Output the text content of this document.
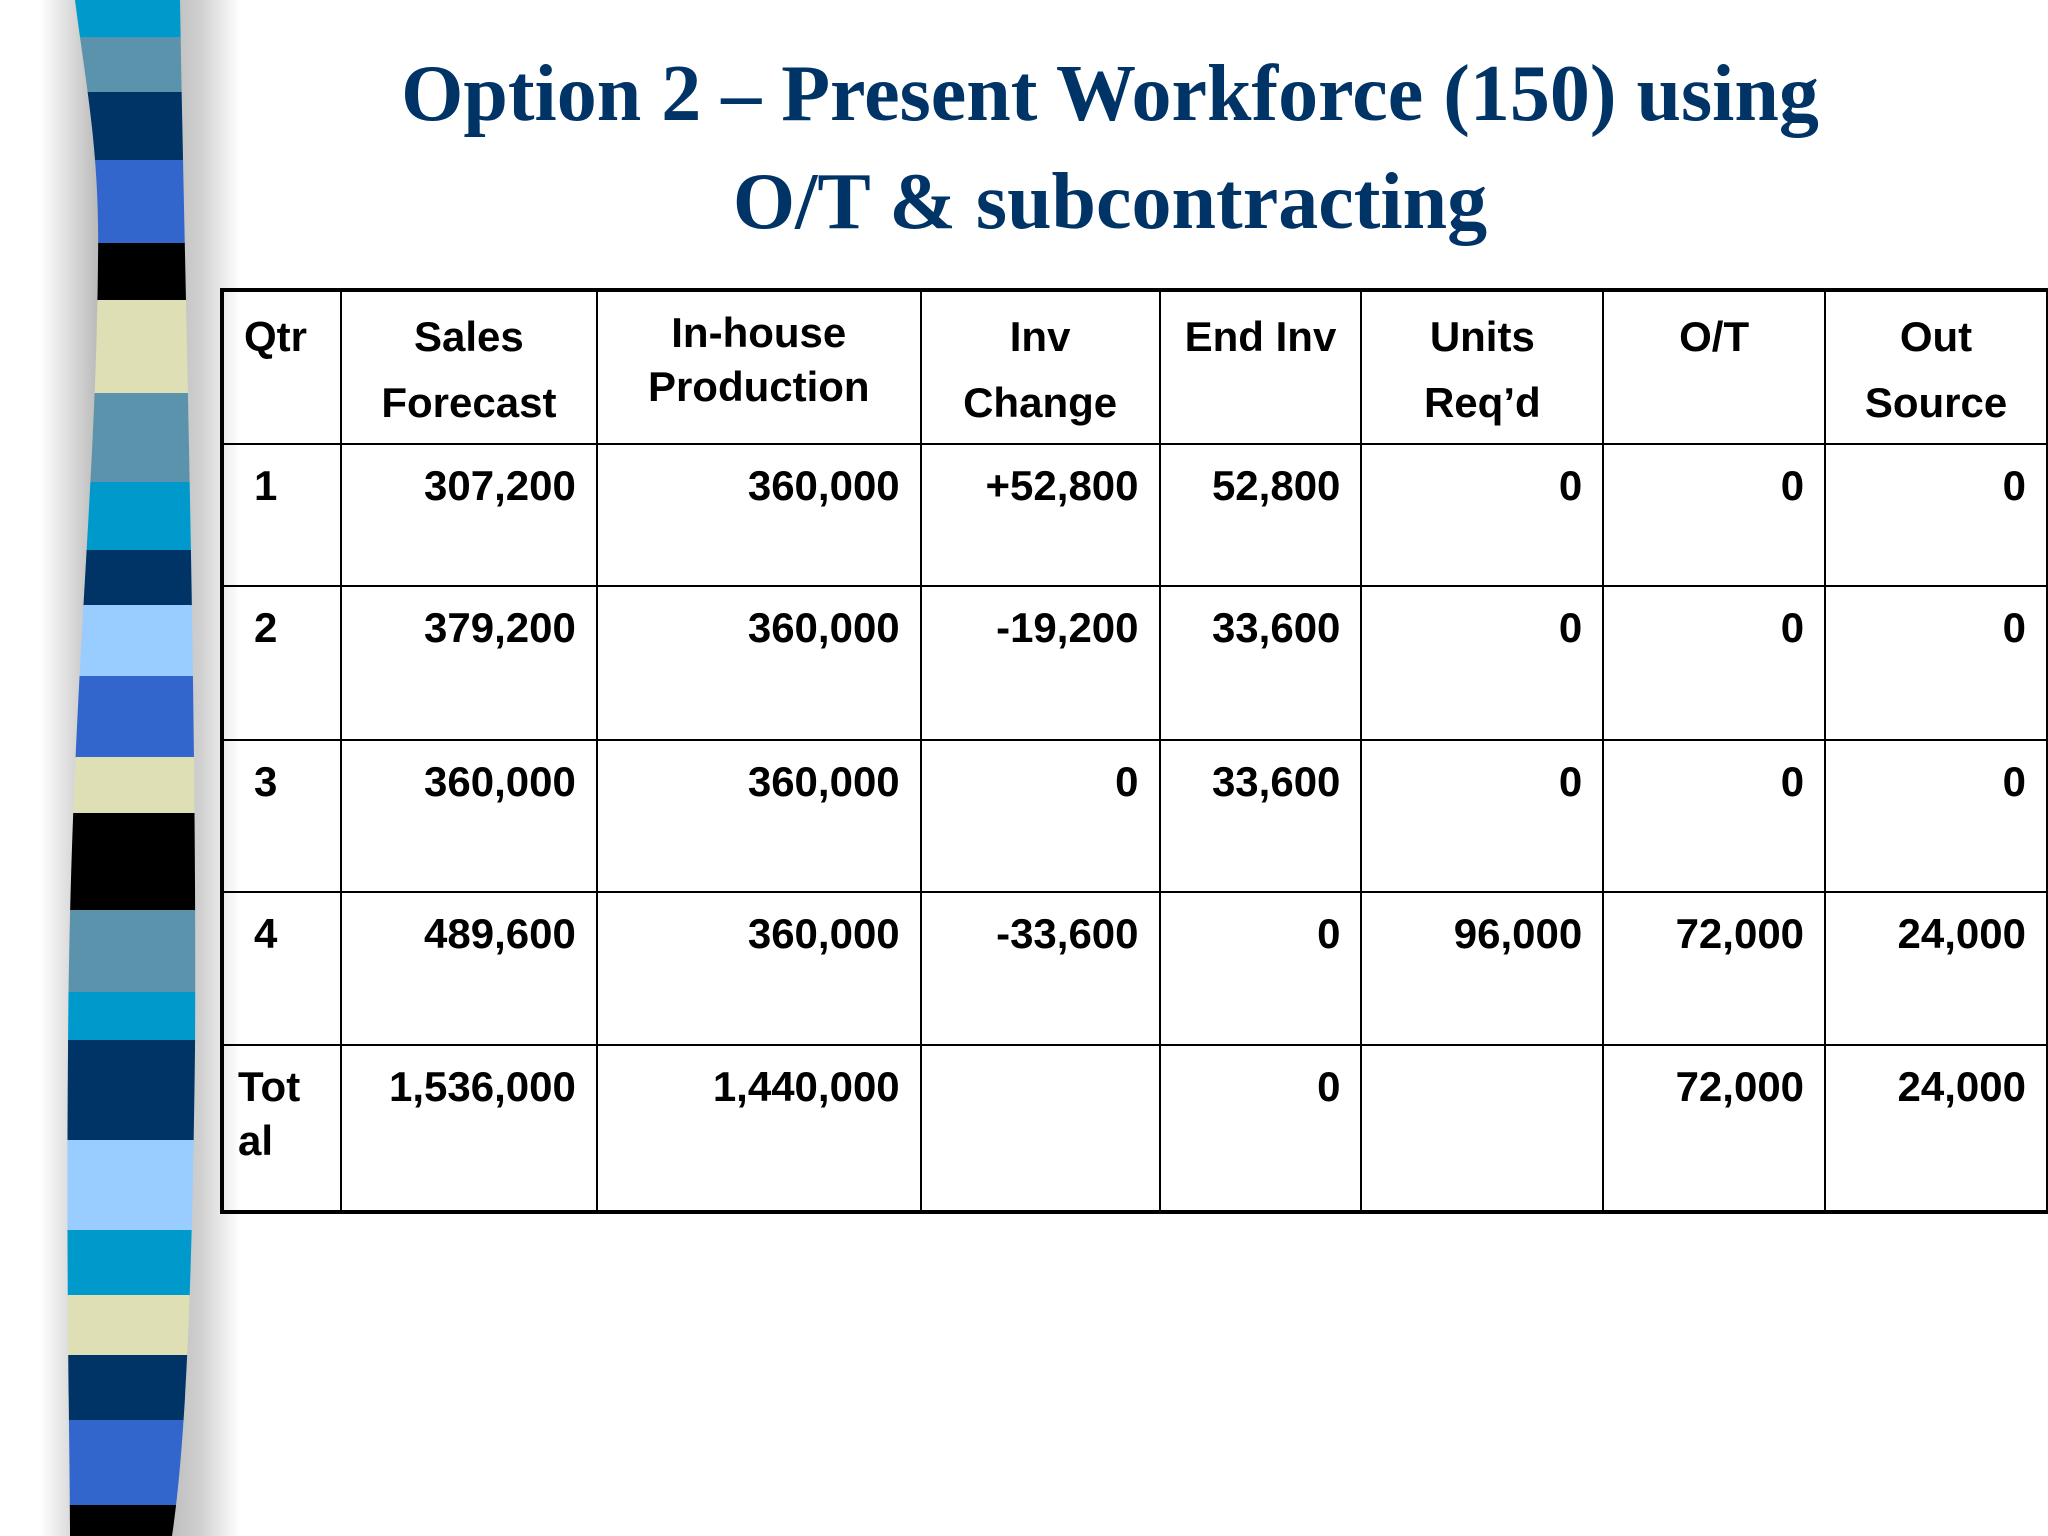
Option 2 – Present Workforce (150) using
O/T & subcontracting
Qtr	Sales Forecast	In-house Production	Inv Change	End Inv	Units Req’d	O/T	Out Source
1	307,200	360,000	+52,800	52,800	0	0	0
2	379,200	360,000	-19,200	33,600	0	0	0
3	360,000	360,000	0	33,600	0	0	0
4	489,600	360,000	-33,600	0	96,000	72,000	24,000
Total	1,536,000	1,440,000		0		72,000	24,000
